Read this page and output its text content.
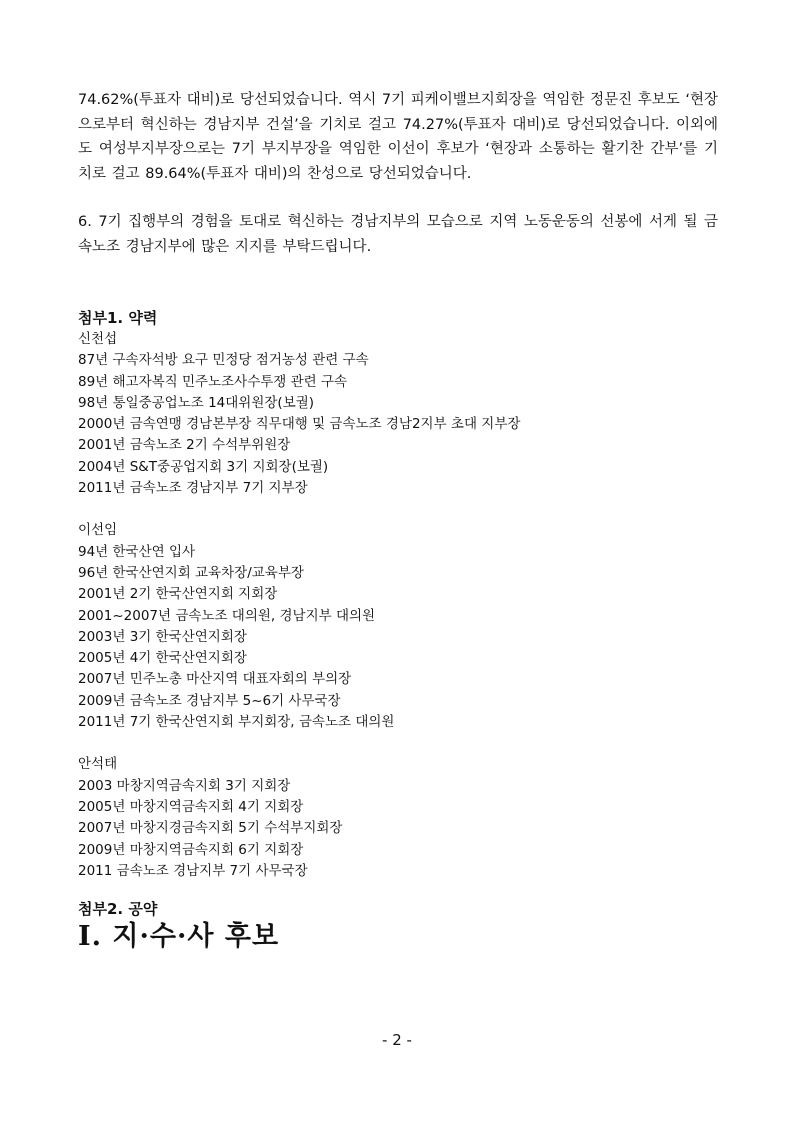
74.62%(투표자 대비)로 당선되었습니다. 역시 7기 피케이밸브지회장을 역임한 정문진 후보도 ‘현장으로부터 혁신하는 경남지부 건설’을 기치로 걸고 74.27%(투표자 대비)로 당선되었습니다. 이외에도 여성부지부장으로는 7기 부지부장을 역임한 이선이 후보가 ‘현장과 소통하는 활기찬 간부’를 기치로 걸고 89.64%(투표자 대비)의 찬성으로 당선되었습니다.

6. 7기 집행부의 경험을 토대로 혁신하는 경남지부의 모습으로 지역 노동운동의 선봉에 서게 될 금속노조 경남지부에 많은 지지를 부탁드립니다.

첨부1. 약력

신천섭

87년 구속자석방 요구 민정당 점거농성 관련 구속
89년 해고자복직 민주노조사수투쟁 관련 구속
98년 통일중공업노조 14대위원장(보궐)
2000년 금속연맹 경남본부장 직무대행 및 금속노조 경남2지부 초대 지부장
2001년 금속노조 2기 수석부위원장
2004년 S&T중공업지회 3기 지회장(보궐)
2011년 금속노조 경남지부 7기 지부장

이선임

94년 한국산연 입사
96년 한국산연지회 교육차장/교육부장
2001년 2기 한국산연지회 지회장
2001~2007년 금속노조 대의원, 경남지부 대의원
2003년 3기 한국산연지회장
2005년 4기 한국산연지회장
2007년 민주노총 마산지역 대표자회의 부의장
2009년 금속노조 경남지부 5~6기 사무국장
2011년 7기 한국산연지회 부지회장, 금속노조 대의원

안석태

2003 마창지역금속지회 3기 지회장
2005년 마창지역금속지회 4기 지회장
2007년 마창지경금속지회 5기 수석부지회장
2009년 마창지역금속지회 6기 지회장
2011 금속노조 경남지부 7기 사무국장

첨부2. 공약

Ⅰ. 지·수·사 후보

- 2 -
